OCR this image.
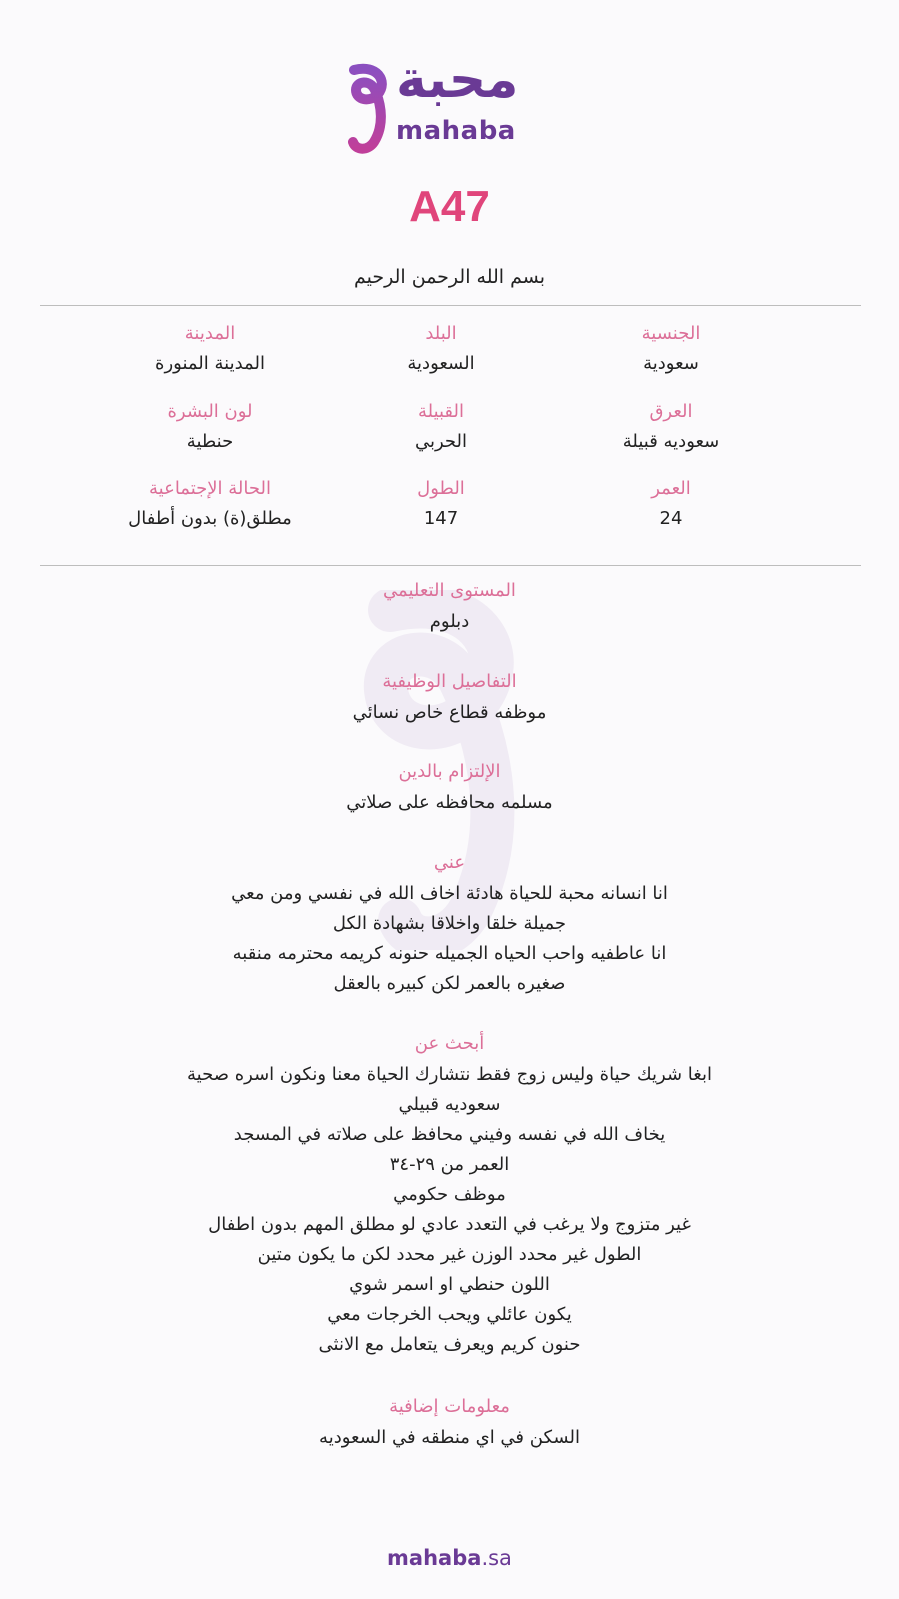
محبة
mahaba
A47
بسم الله الرحمن الرحيم
الجنسية
سعودية
البلد
السعودية
المدينة
المدينة المنورة
العرق
سعوديه قبيلة
القبيلة
الحربي
لون البشرة
حنطية
العمر
24
الطول
147
الحالة الإجتماعية
مطلق(ة) بدون أطفال
المستوى التعليمي
دبلوم
التفاصيل الوظيفية
موظفه قطاع خاص نسائي
الإلتزام بالدين
مسلمه محافظه على صلاتي
عني
انا انسانه محبة للحياة هادئة اخاف الله في نفسي ومن معي
جميلة خلقا واخلاقا بشهادة الكل
انا عاطفيه واحب الحياه الجميله حنونه كريمه محترمه منقبه
صغيره بالعمر لكن كبيره بالعقل
أبحث عن
ابغا شريك حياة وليس زوج فقط نتشارك الحياة معنا ونكون اسره صحية
سعوديه قبيلي
يخاف الله في نفسه وفيني محافظ على صلاته في المسجد
العمر من ٢٩-٣٤
موظف حكومي
غير متزوج ولا يرغب في التعدد عادي لو مطلق المهم بدون اطفال
الطول غير محدد الوزن غير محدد لكن ما يكون متين
اللون حنطي او اسمر شوي
يكون عائلي ويحب الخرجات معي
حنون كريم ويعرف يتعامل مع الانثى
معلومات إضافية
السكن في اي منطقه في السعوديه
mahaba.sa
